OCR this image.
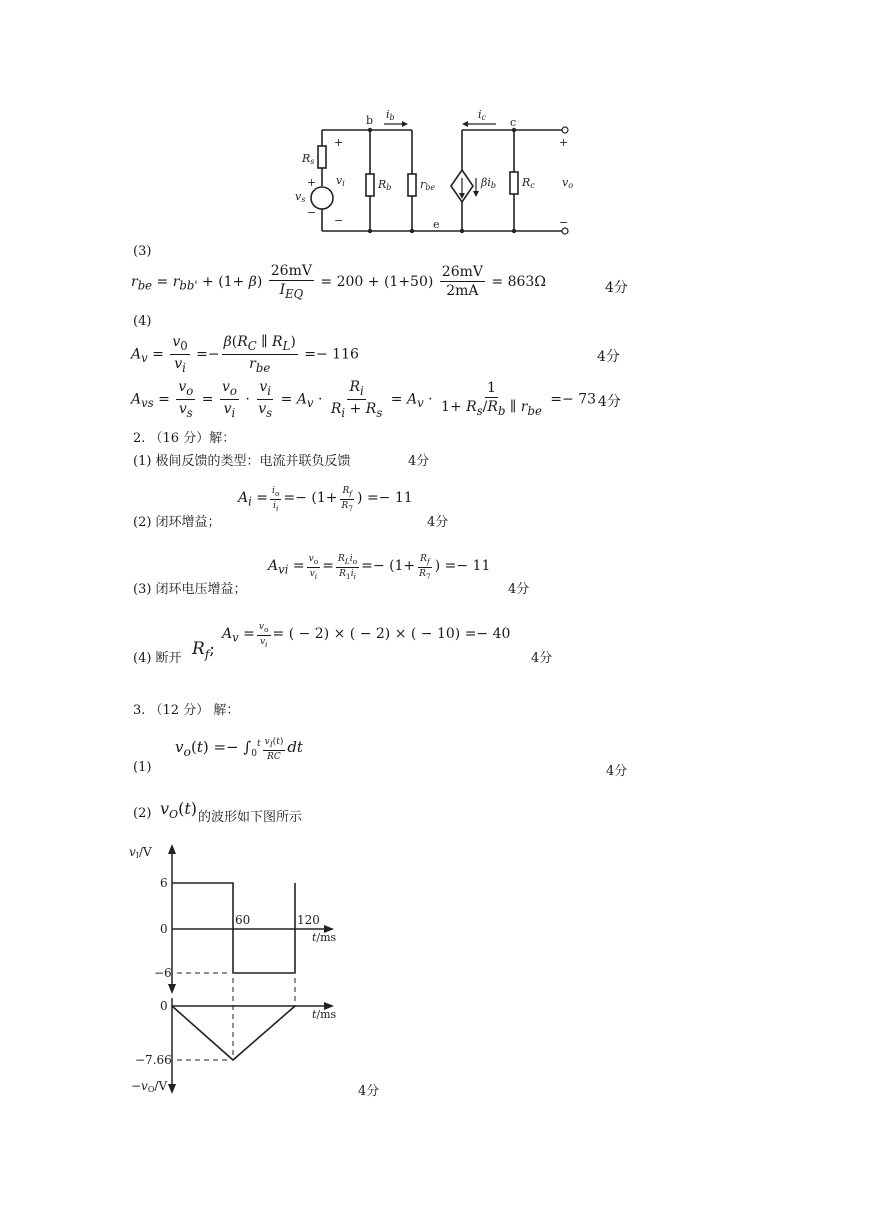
b ib	ic c
Rs
+
vi
+
vs
−
−
Rb	rbe	βib Rc vo
+
−
e
(3)
$r_{be} = r_{bb'} + (1+ \beta) \frac{26mV}{I_{EQ}} = 200 + (1+50) \frac{26mV}{2mA} = 863\Omega$	4分
(4)
$A_v = \frac{v_0}{v_i} =- \frac{\beta(R_C \parallel R_L)}{r_{be}} =- 116$	4分
$A_{vs} = \frac{v_o}{v_s} = \frac{v_o}{v_i} \cdot \frac{v_i}{v_s} = A_v \cdot \frac{R_i}{R_i + R_s} = A_v \cdot \frac{1}{1+ R_s/R_b \parallel r_{be}} =- 73$ 4分
2. （16 分）解：
(1) 极间反馈的类型：电流并联负反馈	4分
$A_i = \frac{i_o}{i_i} =- (1+ \frac{R_f}{R_7}$ ) =− 11
(2) 闭环增益；	4分
$A_{vi} = \frac{v_o}{v_i} = \frac{R_Li_o}{R_1i_i} =- (1+ \frac{R_f}{R_7}$ ) =− 11
(3) 闭环电压增益；	4分
(4) 断开 $R_f$;
$A_v = \frac{v_o}{v_i}$ = ( − 2) × ( − 2) × ( − 10) =− 40
4分
3. （12 分） 解：
$v_o(t) =- \int_0^t \frac{v_I(t)}{RC}$ dt
(1)	4分
(2) $v_O(t)$ 的波形如下图所示
vI/V
6
0
−6
60	120
t/ms
0
t/ms
−7.66
−vO/V	4分
